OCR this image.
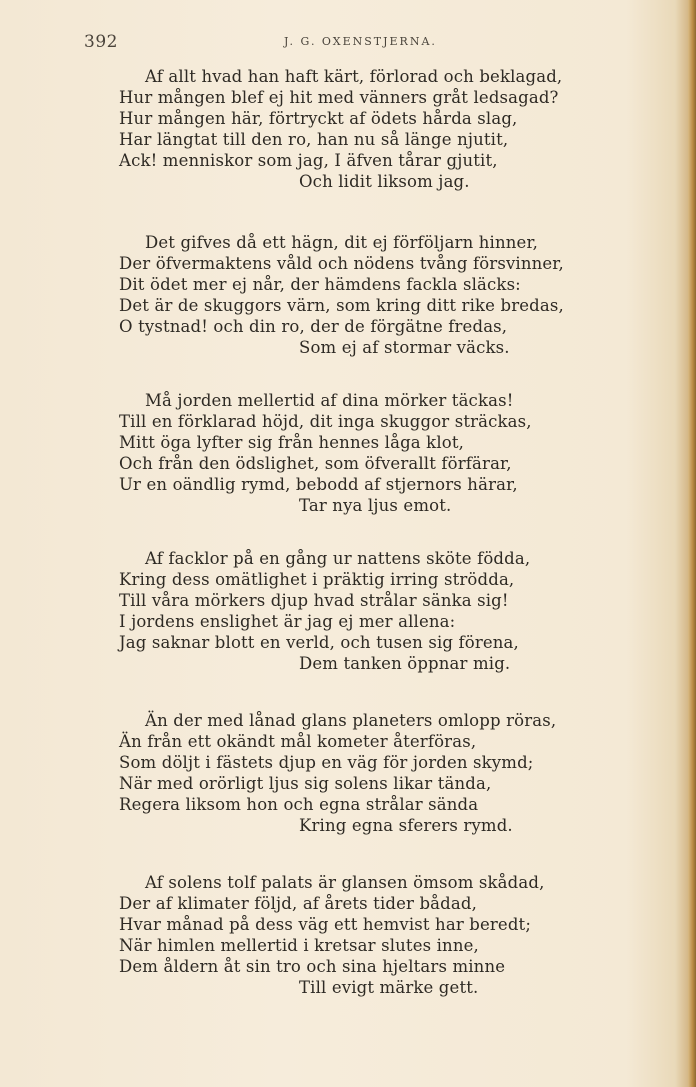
392	J. G. OXENSTJERNA.
Af allt hvad han haft kärt, förlorad och beklagad,
Hur mången blef ej hit med vänners gråt ledsagad?
Hur mången här, förtryckt af ödets hårda slag,
Har längtat till den ro, han nu så länge njutit,
Ack! menniskor som jag, I äfven tårar gjutit,
Och lidit liksom jag.
Det gifves då ett hägn, dit ej förföljarn hinner,
Der öfvermaktens våld och nödens tvång försvinner,
Dit ödet mer ej når, der hämdens fackla släcks:
Det är de skuggors värn, som kring ditt rike bredas,
O tystnad! och din ro, der de förgätne fredas,
Som ej af stormar väcks.
Må jorden mellertid af dina mörker täckas!
Till en förklarad höjd, dit inga skuggor sträckas,
Mitt öga lyfter sig från hennes låga klot,
Och från den ödslighet, som öfverallt förfärar,
Ur en oändlig rymd, bebodd af stjernors härar,
Tar nya ljus emot.
Af facklor på en gång ur nattens sköte födda,
Kring dess omätlighet i präktig irring strödda,
Till våra mörkers djup hvad strålar sänka sig!
I jordens enslighet är jag ej mer allena:
Jag saknar blott en verld, och tusen sig förena,
Dem tanken öppnar mig.
Än der med lånad glans planeters omlopp röras,
Än från ett okändt mål kometer återföras,
Som döljt i fästets djup en väg för jorden skymd;
När med orörligt ljus sig solens likar tända,
Regera liksom hon och egna strålar sända
Kring egna sferers rymd.
Af solens tolf palats är glansen ömsom skådad,
Der af klimater följd, af årets tider bådad,
Hvar månad på dess väg ett hemvist har beredt;
När himlen mellertid i kretsar slutes inne,
Dem åldern åt sin tro och sina hjeltars minne
Till evigt märke gett.
